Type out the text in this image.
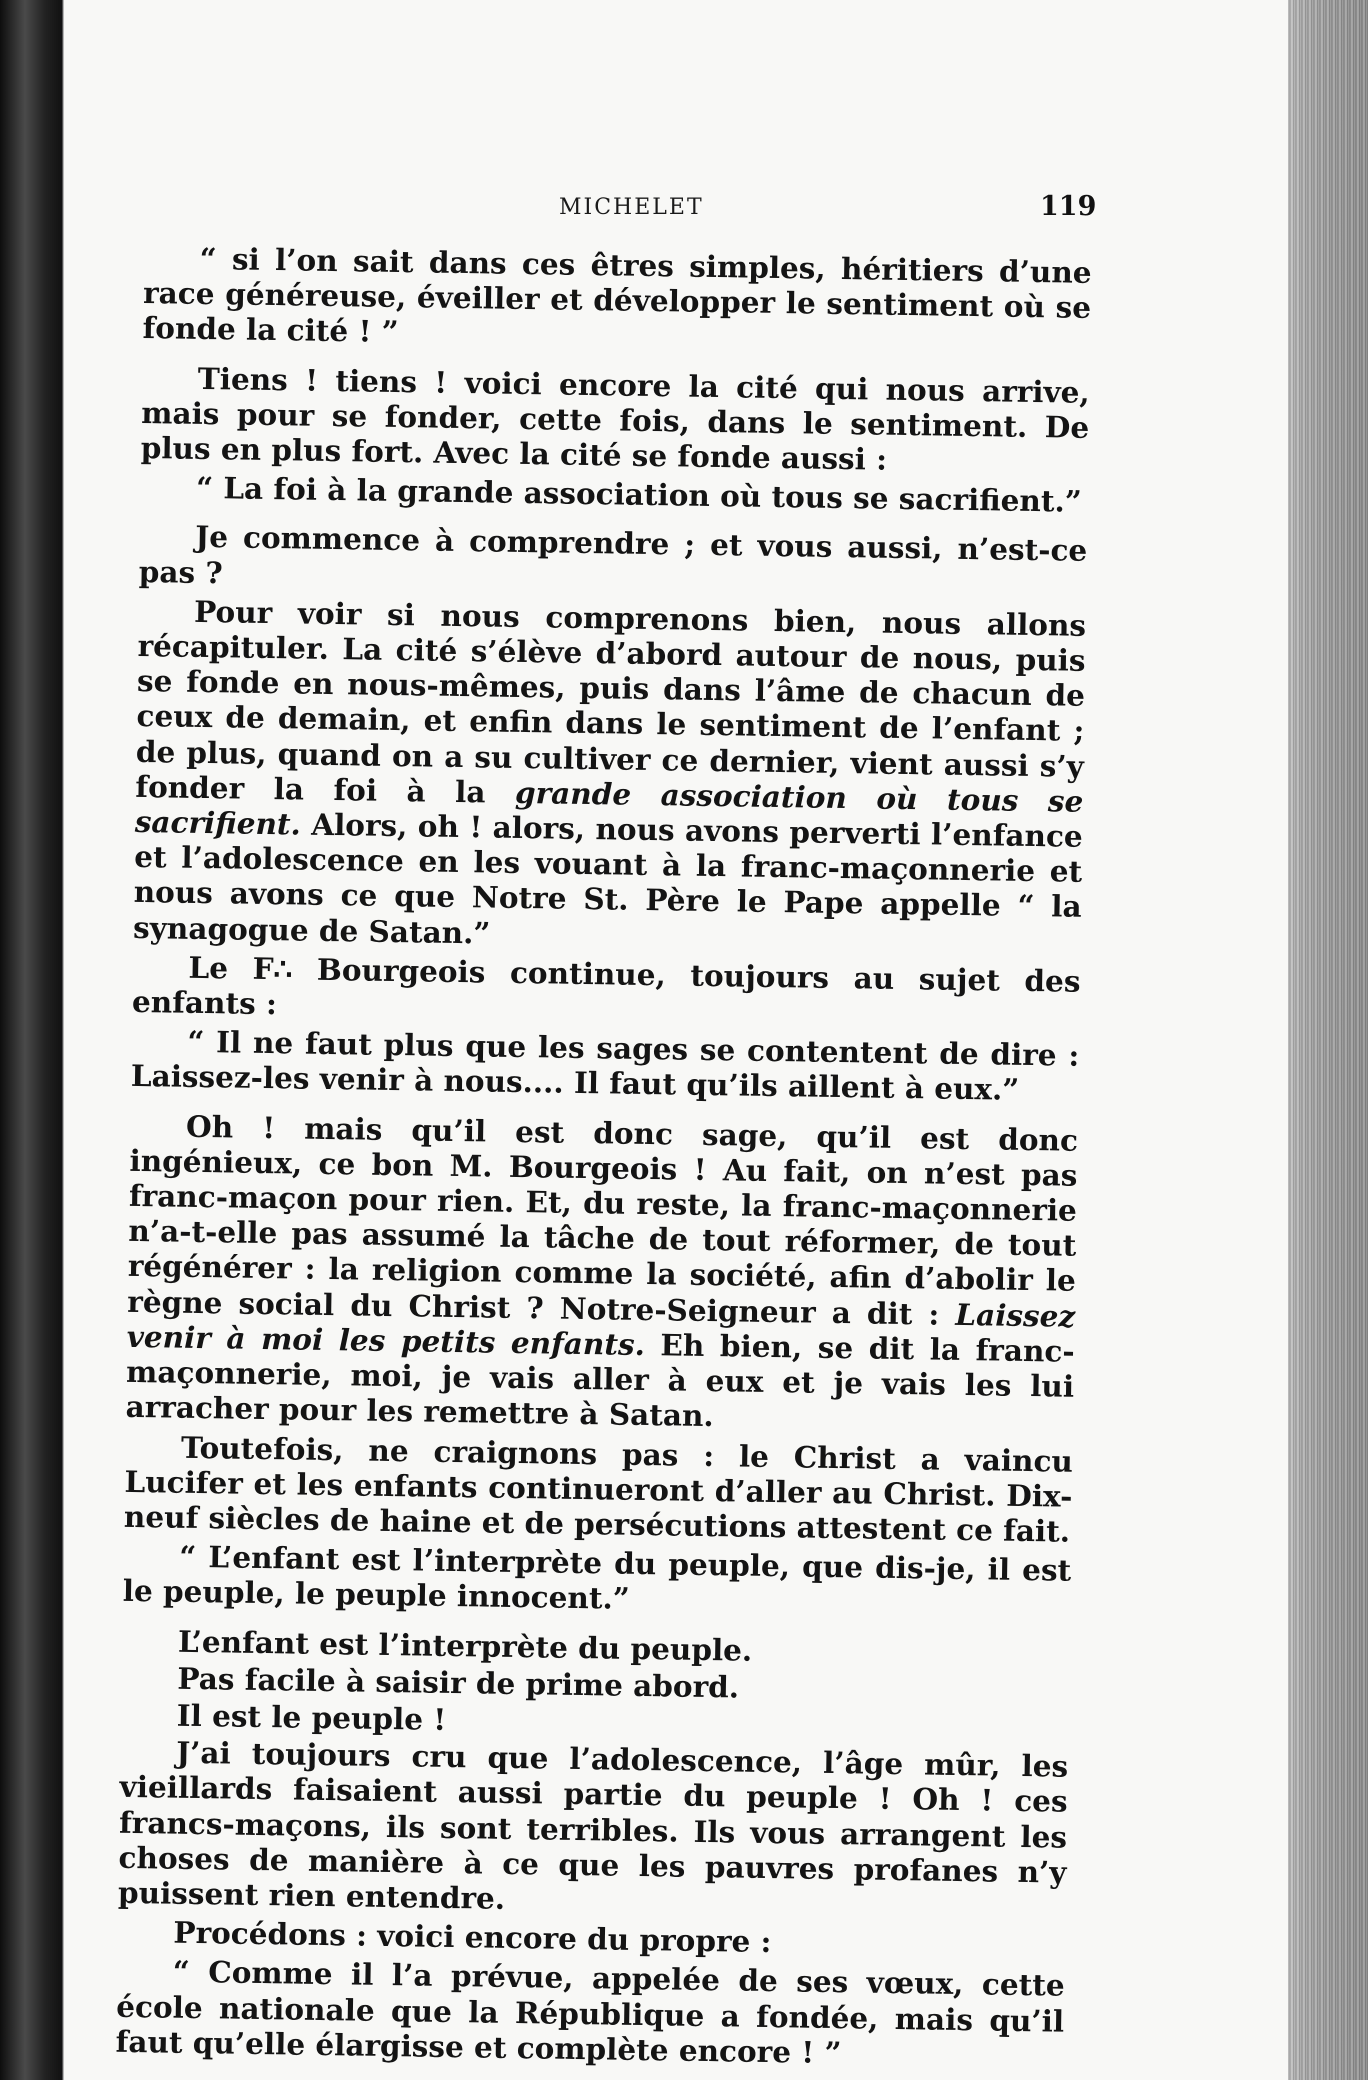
MICHELET	119

“ si l’on sait dans ces êtres simples, héritiers d’une race généreuse, éveiller et développer le sentiment où se fonde la cité ! ”

Tiens ! tiens ! voici encore la cité qui nous arrive, mais pour se fonder, cette fois, dans le sentiment. De plus en plus fort. Avec la cité se fonde aussi :

“ La foi à la grande association où tous se sacrifient.”

Je commence à comprendre ; et vous aussi, n’est-ce pas ?

Pour voir si nous comprenons bien, nous allons récapituler. La cité s’élève d’abord autour de nous, puis se fonde en nous-mêmes, puis dans l’âme de chacun de ceux de demain, et enfin dans le sentiment de l’enfant ; de plus, quand on a su cultiver ce dernier, vient aussi s’y fonder la foi à la grande association où tous se sacrifient. Alors, oh ! alors, nous avons perverti l’enfance et l’adolescence en les vouant à la franc-maçonnerie et nous avons ce que Notre St. Père le Pape appelle “ la synagogue de Satan.”

Le F∴ Bourgeois continue, toujours au sujet des enfants :

“ Il ne faut plus que les sages se contentent de dire : Laissez-les venir à nous.... Il faut qu’ils aillent à eux.”

Oh ! mais qu’il est donc sage, qu’il est donc ingénieux, ce bon M. Bourgeois ! Au fait, on n’est pas franc-maçon pour rien. Et, du reste, la franc-maçonnerie n’a-t-elle pas assumé la tâche de tout réformer, de tout régénérer : la religion comme la société, afin d’abolir le règne social du Christ ? Notre-Seigneur a dit : Laissez venir à moi les petits enfants. Eh bien, se dit la franc-maçonnerie, moi, je vais aller à eux et je vais les lui arracher pour les remettre à Satan.

Toutefois, ne craignons pas : le Christ a vaincu Lucifer et les enfants continueront d’aller au Christ. Dix-neuf siècles de haine et de persécutions attestent ce fait.

“ L’enfant est l’interprète du peuple, que dis-je, il est le peuple, le peuple innocent.”

L’enfant est l’interprète du peuple.

Pas facile à saisir de prime abord.

Il est le peuple !

J’ai toujours cru que l’adolescence, l’âge mûr, les vieillards faisaient aussi partie du peuple ! Oh ! ces francs-maçons, ils sont terribles. Ils vous arrangent les choses de manière à ce que les pauvres profanes n’y puissent rien entendre.

Procédons : voici encore du propre :

“ Comme il l’a prévue, appelée de ses vœux, cette école nationale que la République a fondée, mais qu’il faut qu’elle élargisse et complète encore ! ”
